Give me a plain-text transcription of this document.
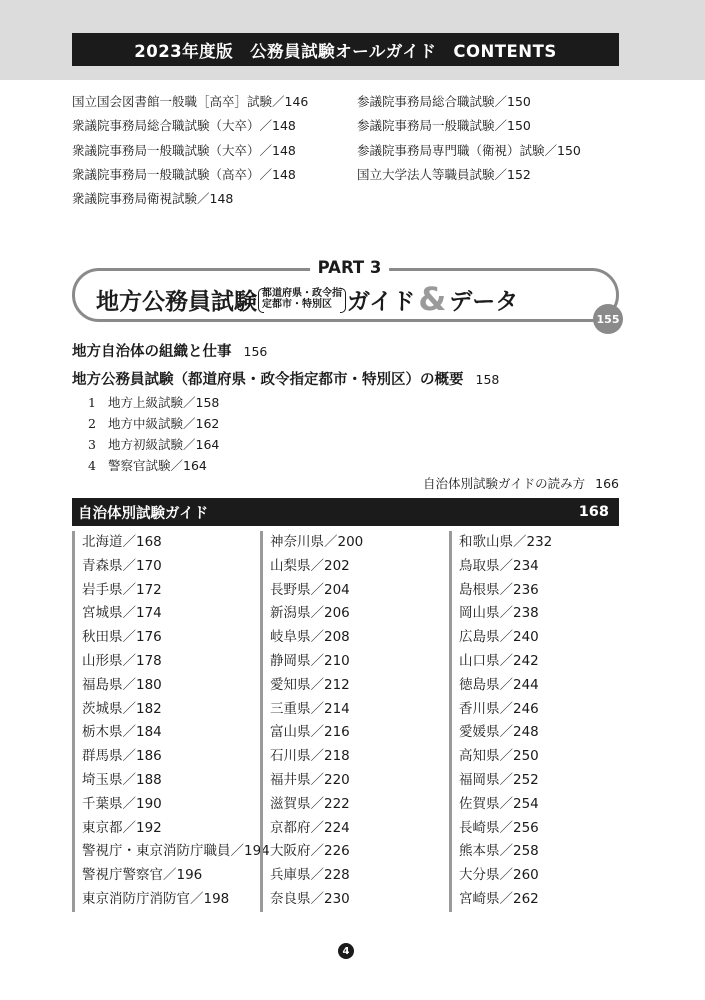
2023年度版　公務員試験オールガイド　CONTENTS
国立国会図書館一般職［高卒］試験／146
衆議院事務局総合職試験（大卒）／148
衆議院事務局一般職試験（大卒）／148
衆議院事務局一般職試験（高卒）／148
衆議院事務局衛視試験／148
参議院事務局総合職試験／150
参議院事務局一般職試験／150
参議院事務局専門職（衛視）試験／150
国立大学法人等職員試験／152
PART 3
地方公務員試験 都道府県・政令指
定都市・特別区 ガイド & データ
155
地方自治体の組織と仕事 156
地方公務員試験（都道府県・政令指定都市・特別区）の概要 158
1 地方上級試験／158
2 地方中級試験／162
3 地方初級試験／164
4 警察官試験／164
自治体別試験ガイドの読み方 166
自治体別試験ガイド	168
北海道／168
青森県／170
岩手県／172
宮城県／174
秋田県／176
山形県／178
福島県／180
茨城県／182
栃木県／184
群馬県／186
埼玉県／188
千葉県／190
東京都／192
警視庁・東京消防庁職員／194
警視庁警察官／196
東京消防庁消防官／198
神奈川県／200
山梨県／202
長野県／204
新潟県／206
岐阜県／208
静岡県／210
愛知県／212
三重県／214
富山県／216
石川県／218
福井県／220
滋賀県／222
京都府／224
大阪府／226
兵庫県／228
奈良県／230
和歌山県／232
鳥取県／234
島根県／236
岡山県／238
広島県／240
山口県／242
徳島県／244
香川県／246
愛媛県／248
高知県／250
福岡県／252
佐賀県／254
長崎県／256
熊本県／258
大分県／260
宮崎県／262
4
